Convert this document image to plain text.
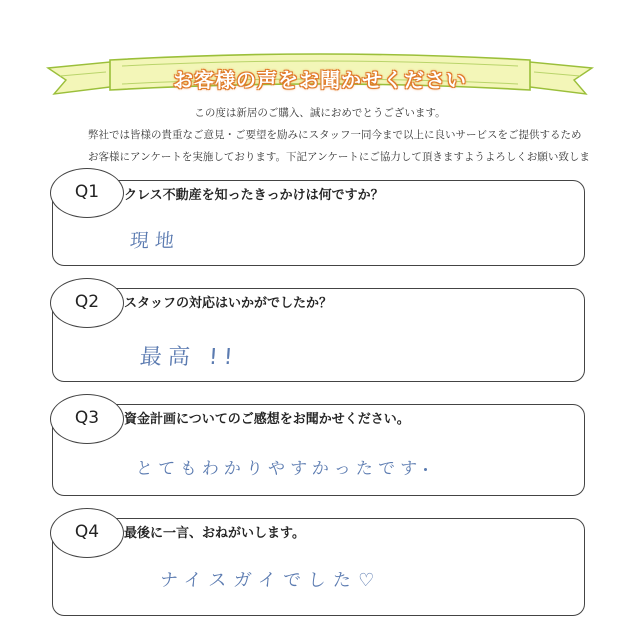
お客様の声をお聞かせください
この度は新居のご購入、誠におめでとうございます。
弊社では皆様の貴重なご意見・ご要望を励みにスタッフ一同今まで以上に良いサービスをご提供するため
お客様にアンケートを実施しております。下記アンケートにご協力して頂きますようよろしくお願い致しま
Q1	クレス不動産を知ったきっかけは何ですか？
現地
Q2	スタッフの対応はいかがでしたか？
最高 !!
Q3	資金計画についてのご感想をお聞かせください。
とてもわかりやすかったです
Q4	最後に一言、おねがいします。
ナイスガイでした♡
